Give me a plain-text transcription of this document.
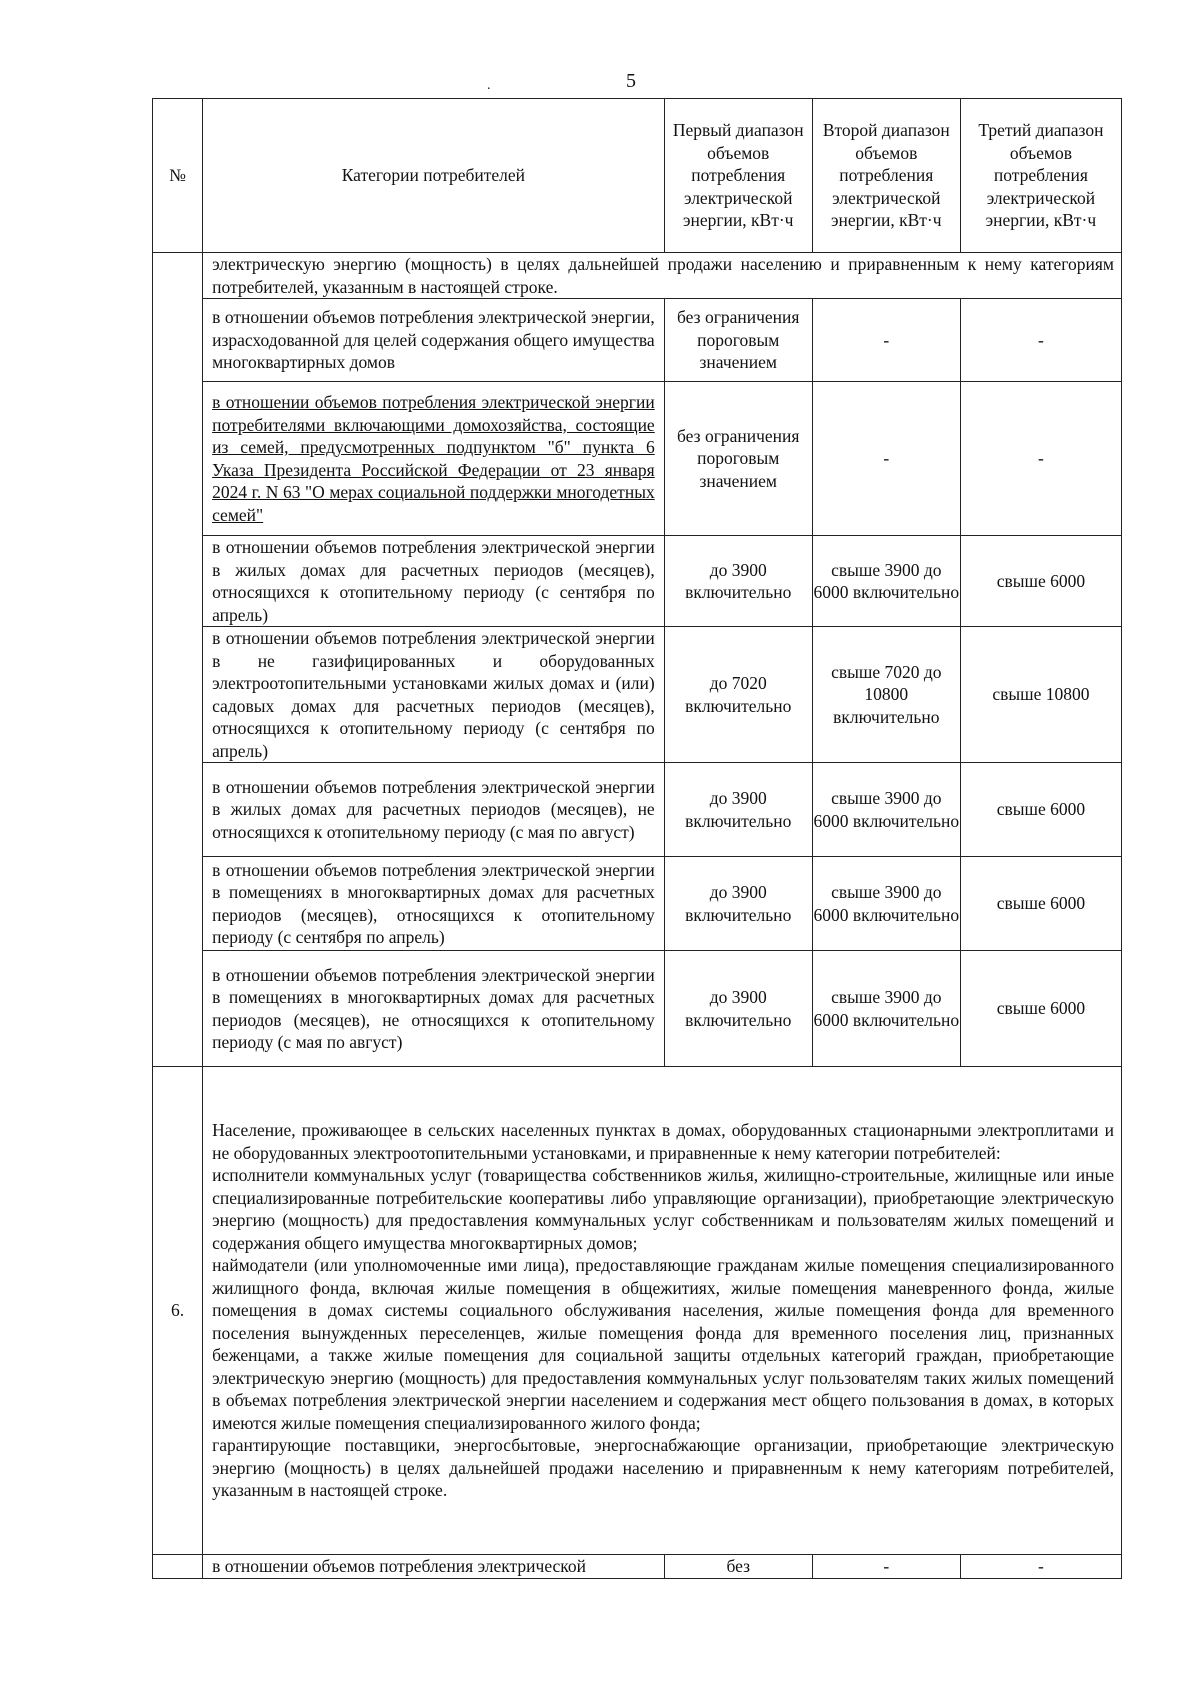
5
.
№	Категории потребителей	Первый диапазон объемов потребления электрической энергии, кВт·ч	Второй диапазон объемов потребления электрической энергии, кВт·ч	Третий диапазон объемов потребления электрической энергии, кВт·ч
	электрическую энергию (мощность) в целях дальнейшей продажи населению и приравненным к нему категориям потребителей, указанным в настоящей строке.			
	в отношении объемов потребления электрической энергии, израсходованной для целей содержания общего имущества многоквартирных домов	без ограничения пороговым значением	-	-
	в отношении объемов потребления электрической энергии потребителями включающими домохозяйства, состоящие из семей, предусмотренных подпунктом "б" пункта 6 Указа Президента Российской Федерации от 23 января 2024 г. N 63 "О мерах социальной поддержки многодетных семей"	без ограничения пороговым значением	-	-
	в отношении объемов потребления электрической энергии в жилых домах для расчетных периодов (месяцев), относящихся к отопительному периоду (с сентября по апрель)	до 3900 включительно	свыше 3900 до 6000 включительно	свыше 6000
	в отношении объемов потребления электрической энергии в не газифицированных и оборудованных электроотопительными установками жилых домах и (или) садовых домах для расчетных периодов (месяцев), относящихся к отопительному периоду (с сентября по апрель)	до 7020 включительно	свыше 7020 до 10800 включительно	свыше 10800
	в отношении объемов потребления электрической энергии в жилых домах для расчетных периодов (месяцев), не относящихся к отопительному периоду (с мая по август)	до 3900 включительно	свыше 3900 до 6000 включительно	свыше 6000
	в отношении объемов потребления электрической энергии в помещениях в многоквартирных домах для расчетных периодов (месяцев), относящихся к отопительному периоду (с сентября по апрель)	до 3900 включительно	свыше 3900 до 6000 включительно	свыше 6000
	в отношении объемов потребления электрической энергии в помещениях в многоквартирных домах для расчетных периодов (месяцев), не относящихся к отопительному периоду (с мая по август)	до 3900 включительно	свыше 3900 до 6000 включительно	свыше 6000
6.	Население, проживающее в сельских населенных пунктах в домах, оборудованных стационарными электроплитами и не оборудованных электроотопительными установками, и приравненные к нему категории потребителей:

исполнители коммунальных услуг (товарищества собственников жилья, жилищно-строительные, жилищные или иные специализированные потребительские кооперативы либо управляющие организации), приобретающие электрическую энергию (мощность) для предоставления коммунальных услуг собственникам и пользователям жилых помещений и содержания общего имущества многоквартирных домов;

наймодатели (или уполномоченные ими лица), предоставляющие гражданам жилые помещения специализированного жилищного фонда, включая жилые помещения в общежитиях, жилые помещения маневренного фонда, жилые помещения в домах системы социального обслуживания населения, жилые помещения фонда для временного поселения вынужденных переселенцев, жилые помещения фонда для временного поселения лиц, признанных беженцами, а также жилые помещения для социальной защиты отдельных категорий граждан, приобретающие электрическую энергию (мощность) для предоставления коммунальных услуг пользователям таких жилых помещений в объемах потребления электрической энергии населением и содержания мест общего пользования в домах, в которых имеются жилые помещения специализированного жилого фонда;

гарантирующие поставщики, энергосбытовые, энергоснабжающие организации, приобретающие электрическую энергию (мощность) в целях дальнейшей продажи населению и приравненным к нему категориям потребителей, указанным в настоящей строке.			

	в отношении объемов потребления электрической	без	-	-
